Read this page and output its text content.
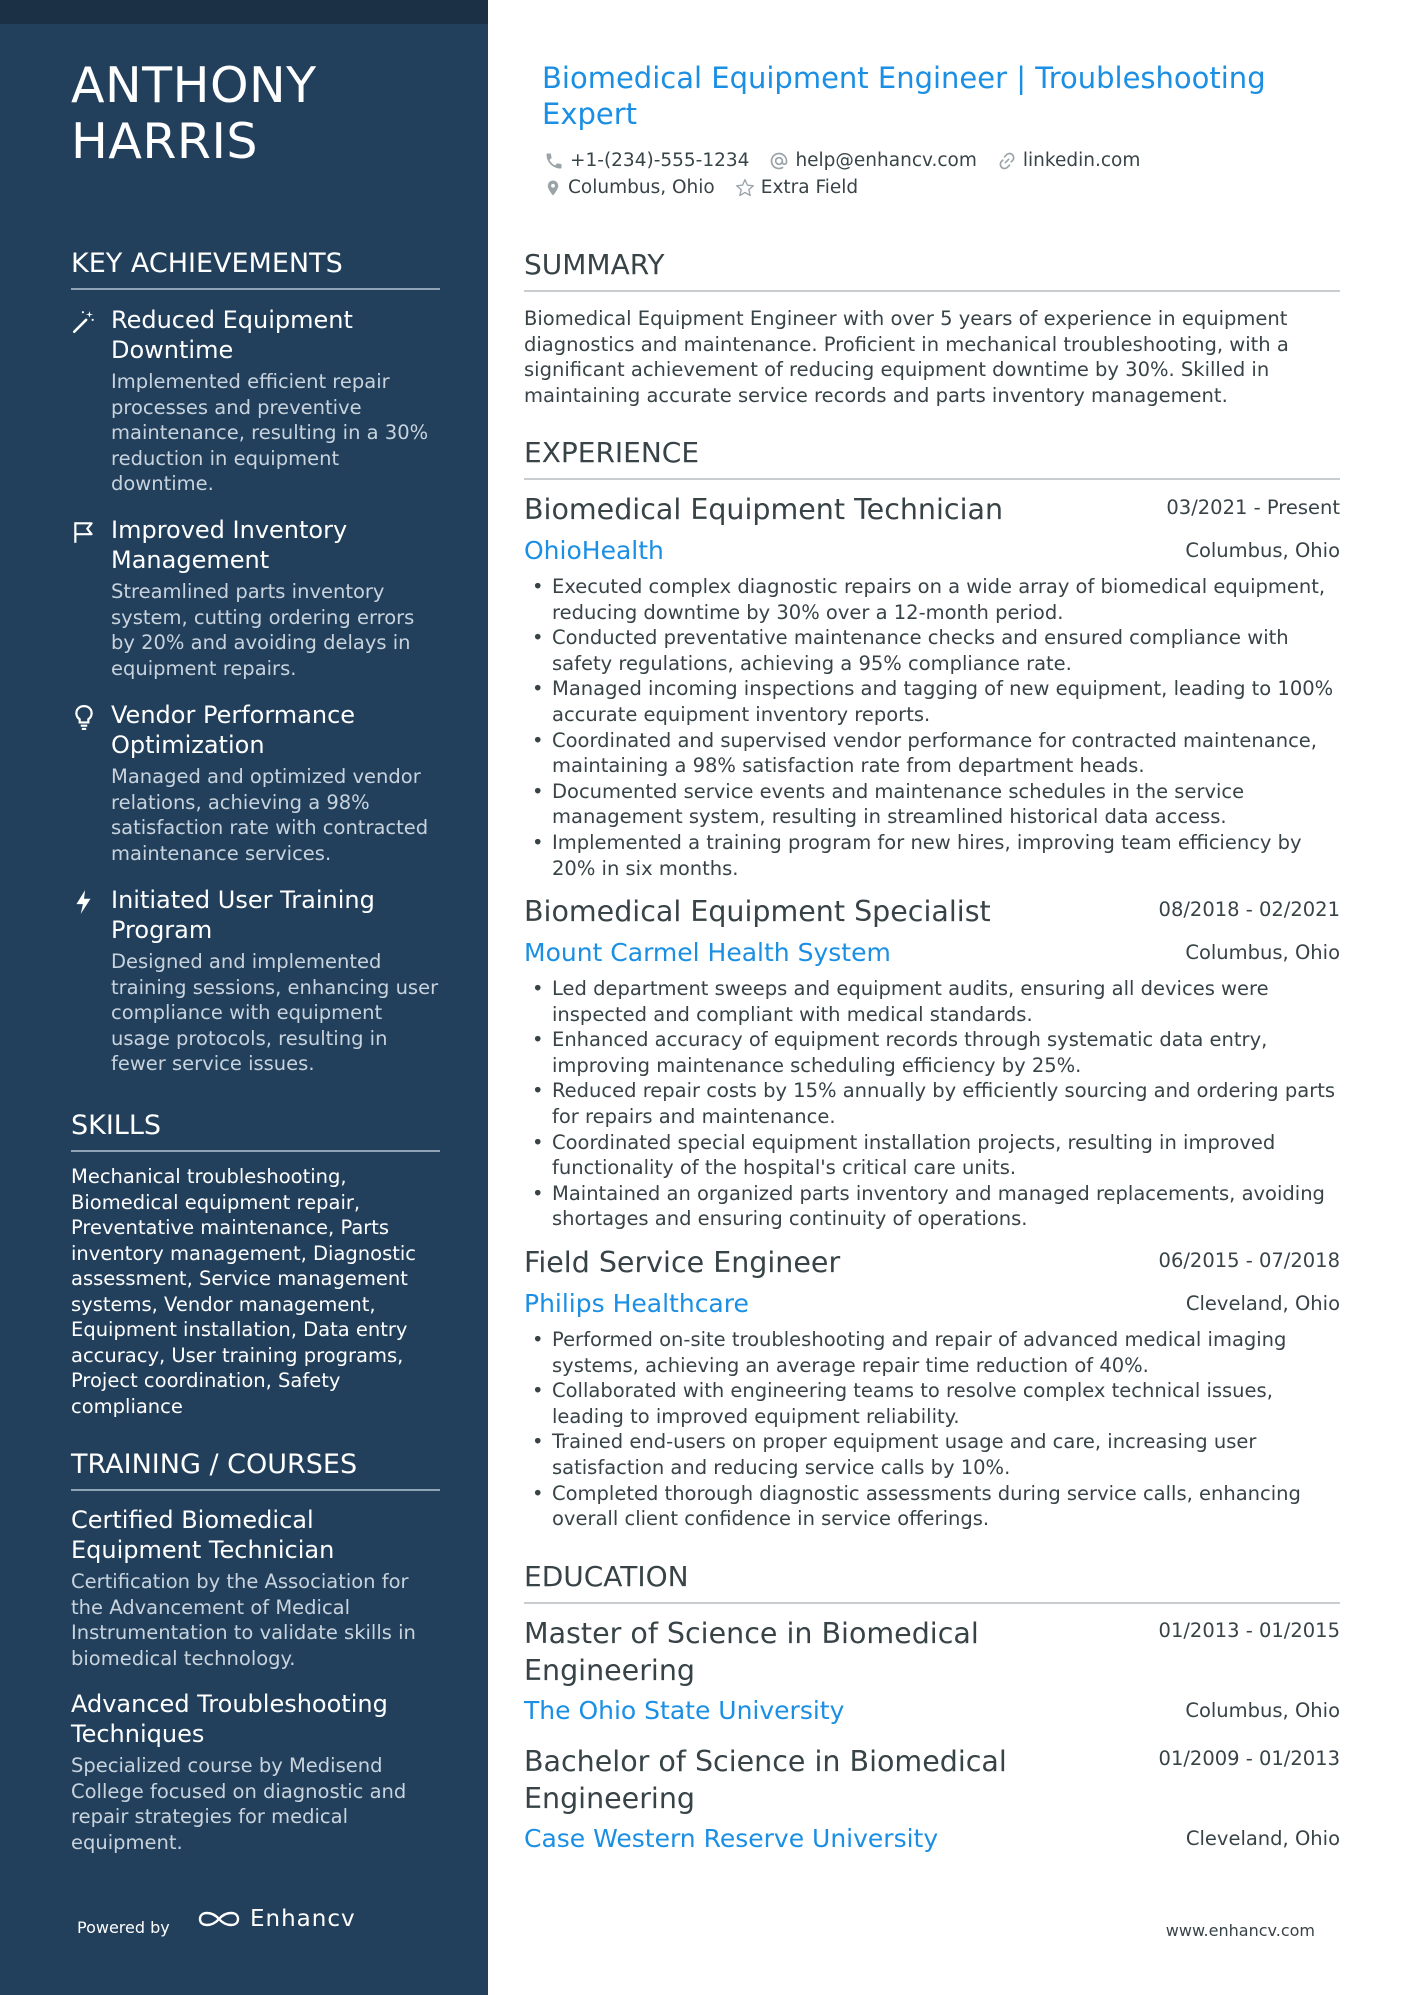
ANTHONY
HARRIS
KEY ACHIEVEMENTS
Reduced Equipment Downtime
Implemented efficient repair processes and preventive maintenance, resulting in a 30% reduction in equipment downtime.
Improved Inventory Management
Streamlined parts inventory system, cutting ordering errors by 20% and avoiding delays in equipment repairs.
Vendor Performance Optimization
Managed and optimized vendor relations, achieving a 98% satisfaction rate with contracted maintenance services.
Initiated User Training Program
Designed and implemented training sessions, enhancing user compliance with equipment usage protocols, resulting in fewer service issues.
SKILLS
Mechanical troubleshooting, Biomedical equipment repair, Preventative maintenance, Parts inventory management, Diagnostic assessment, Service management systems, Vendor management, Equipment installation, Data entry accuracy, User training programs, Project coordination, Safety compliance
TRAINING / COURSES
Certified Biomedical Equipment Technician
Certification by the Association for the Advancement of Medical Instrumentation to validate skills in biomedical technology.
Advanced Troubleshooting Techniques
Specialized course by Medisend College focused on diagnostic and repair strategies for medical equipment.
Powered by	Enhancv
Biomedical Equipment Engineer | Troubleshooting Expert
+1-(234)-555-1234 help@enhancv.com linkedin.com
Columbus, Ohio Extra Field
SUMMARY
Biomedical Equipment Engineer with over 5 years of experience in equipment diagnostics and maintenance. Proficient in mechanical troubleshooting, with a significant achievement of reducing equipment downtime by 30%. Skilled in maintaining accurate service records and parts inventory management.
EXPERIENCE
Biomedical Equipment Technician	03/2021 - Present
OhioHealth	Columbus, Ohio
• Executed complex diagnostic repairs on a wide array of biomedical equipment, reducing downtime by 30% over a 12-month period.
• Conducted preventative maintenance checks and ensured compliance with safety regulations, achieving a 95% compliance rate.
• Managed incoming inspections and tagging of new equipment, leading to 100% accurate equipment inventory reports.
• Coordinated and supervised vendor performance for contracted maintenance, maintaining a 98% satisfaction rate from department heads.
• Documented service events and maintenance schedules in the service management system, resulting in streamlined historical data access.
• Implemented a training program for new hires, improving team efficiency by 20% in six months.
Biomedical Equipment Specialist	08/2018 - 02/2021
Mount Carmel Health System	Columbus, Ohio
• Led department sweeps and equipment audits, ensuring all devices were inspected and compliant with medical standards.
• Enhanced accuracy of equipment records through systematic data entry, improving maintenance scheduling efficiency by 25%.
• Reduced repair costs by 15% annually by efficiently sourcing and ordering parts for repairs and maintenance.
• Coordinated special equipment installation projects, resulting in improved functionality of the hospital's critical care units.
• Maintained an organized parts inventory and managed replacements, avoiding shortages and ensuring continuity of operations.
Field Service Engineer	06/2015 - 07/2018
Philips Healthcare	Cleveland, Ohio
• Performed on-site troubleshooting and repair of advanced medical imaging systems, achieving an average repair time reduction of 40%.
• Collaborated with engineering teams to resolve complex technical issues, leading to improved equipment reliability.
• Trained end-users on proper equipment usage and care, increasing user satisfaction and reducing service calls by 10%.
• Completed thorough diagnostic assessments during service calls, enhancing overall client confidence in service offerings.
EDUCATION
Master of Science in Biomedical Engineering
01/2013 - 01/2015
The Ohio State University	Columbus, Ohio
Bachelor of Science in Biomedical Engineering
01/2009 - 01/2013
Case Western Reserve University	Cleveland, Ohio
www.enhancv.com
